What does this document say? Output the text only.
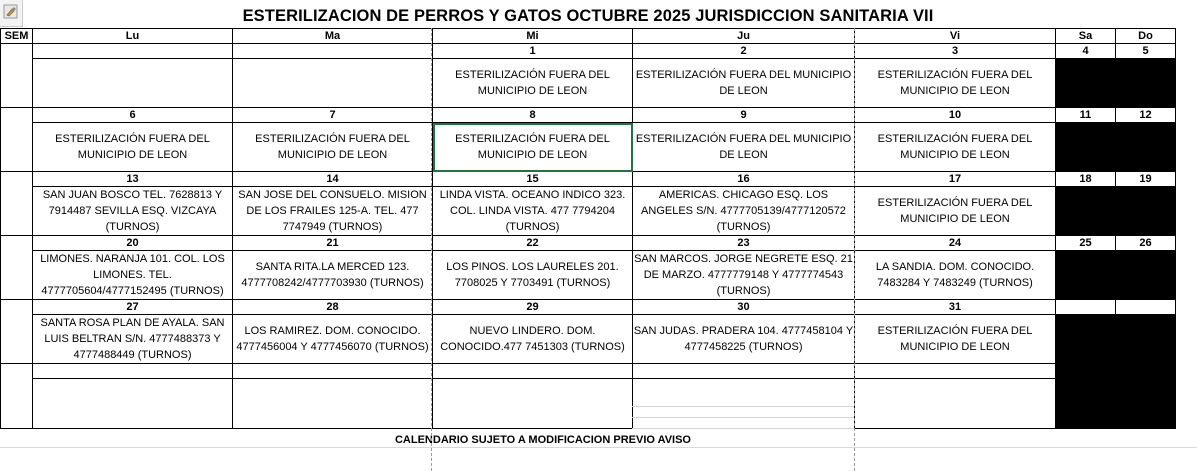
ESTERILIZACION DE PERROS Y GATOS OCTUBRE 2025 JURISDICCION SANITARIA VII
SEM	Lu	Ma	Mi	Ju	Vi	Sa	Do
			1	2	3	4	5
			ESTERILIZACIÓN FUERA DEL MUNICIPIO DE LEON	ESTERILIZACIÓN FUERA DEL MUNICIPIO DE LEON	ESTERILIZACIÓN FUERA DEL MUNICIPIO DE LEON		
	6	7	8	9	10	11	12
	ESTERILIZACIÓN FUERA DEL MUNICIPIO DE LEON	ESTERILIZACIÓN FUERA DEL MUNICIPIO DE LEON	ESTERILIZACIÓN FUERA DEL MUNICIPIO DE LEON	ESTERILIZACIÓN FUERA DEL MUNICIPIO DE LEON	ESTERILIZACIÓN FUERA DEL MUNICIPIO DE LEON		
	13	14	15	16	17	18	19
	SAN JUAN BOSCO TEL. 7628813 Y 7914487 SEVILLA ESQ. VIZCAYA (TURNOS)	SAN JOSE DEL CONSUELO. MISION DE LOS FRAILES 125-A. TEL. 477 7747949 (TURNOS)	LINDA VISTA. OCEANO INDICO 323. COL. LINDA VISTA. 477 7794204 (TURNOS)	AMERICAS. CHICAGO ESQ. LOS ANGELES S/N. 4777705139/4777120572 (TURNOS)	ESTERILIZACIÓN FUERA DEL MUNICIPIO DE LEON		
	20	21	22	23	24	25	26
	LIMONES. NARANJA 101. COL. LOS LIMONES. TEL. 4777705604/4777152495 (TURNOS)	SANTA RITA.LA MERCED 123. 4777708242/4777703930 (TURNOS)	LOS PINOS. LOS LAURELES 201. 7708025 Y 7703491 (TURNOS)	SAN MARCOS. JORGE NEGRETE ESQ. 21 DE MARZO. 4777779148 Y 4777774543 (TURNOS)	LA SANDIA. DOM. CONOCIDO. 7483284 Y 7483249 (TURNOS)		
	27	28	29	30	31		
	SANTA ROSA PLAN DE AYALA. SAN LUIS BELTRAN S/N. 4777488373 Y 4777488449 (TURNOS)	LOS RAMIREZ. DOM. CONOCIDO. 4777456004 Y 4777456070 (TURNOS)	NUEVO LINDERO. DOM. CONOCIDO.477 7451303 (TURNOS)	SAN JUDAS. PRADERA 104. 4777458104 Y 4777458225 (TURNOS)	ESTERILIZACIÓN FUERA DEL MUNICIPIO DE LEON		

CALENDARIO SUJETO A MODIFICACION PREVIO AVISO
